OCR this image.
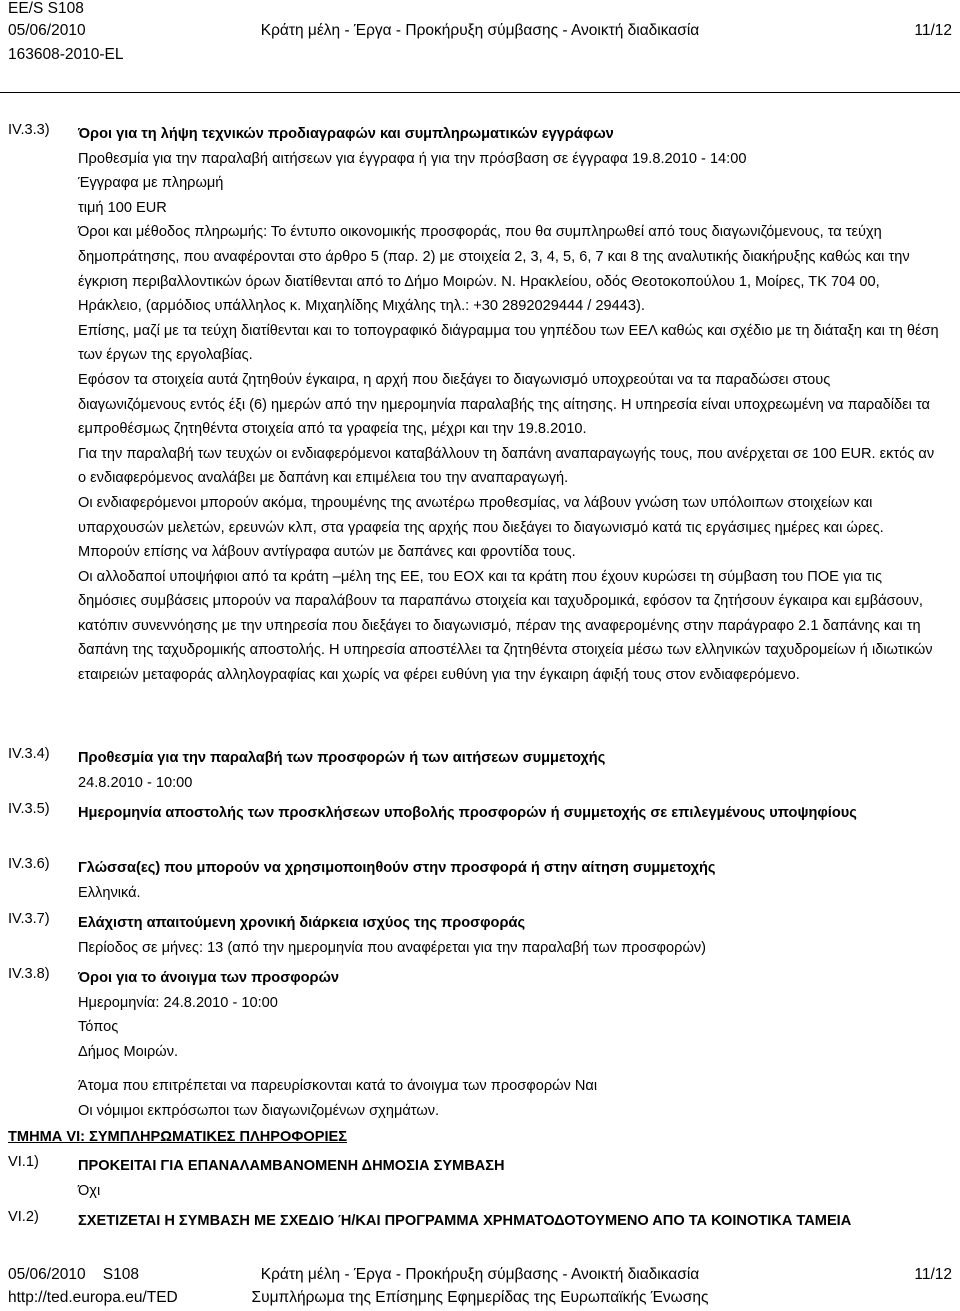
EE/S S108
05/06/2010	Κράτη μέλη - Έργα - Προκήρυξη σύμβασης - Ανοικτή διαδικασία	11/12
163608-2010-EL
IV.3.3) Όροι για τη λήψη τεχνικών προδιαγραφών και συμπληρωματικών εγγράφων
Προθεσμία για την παραλαβή αιτήσεων για έγγραφα ή για την πρόσβαση σε έγγραφα 19.8.2010 - 14:00
Έγγραφα με πληρωμή
τιμή 100 EUR

Όροι και μέθοδος πληρωμής: Το έντυπο οικονομικής προσφοράς, που θα συμπληρωθεί από τους διαγωνιζόμενους, τα τεύχη δημοπράτησης, που αναφέρονται στο άρθρο 5 (παρ. 2) με στοιχεία 2, 3, 4, 5, 6, 7 και 8 της αναλυτικής διακήρυξης καθώς και την έγκριση περιβαλλοντικών όρων διατίθενται από το Δήμο Μοιρών. Ν. Ηρακλείου, οδός Θεοτοκοπούλου 1, Μοίρες, ΤΚ 704 00, Ηράκλειο, (αρμόδιος υπάλληλος κ. Μιχαηλίδης Μιχάλης τηλ.: +30 2892029444 / 29443).

Επίσης, μαζί με τα τεύχη διατίθενται και το τοπογραφικό διάγραμμα του γηπέδου των ΕΕΛ καθώς και σχέδιο με τη διάταξη και τη θέση των έργων της εργολαβίας.

Εφόσον τα στοιχεία αυτά ζητηθούν έγκαιρα, η αρχή που διεξάγει το διαγωνισμό υποχρεούται να τα παραδώσει στους διαγωνιζόμενους εντός έξι (6) ημερών από την ημερομηνία παραλαβής της αίτησης. Η υπηρεσία είναι υποχρεωμένη να παραδίδει τα εμπροθέσμως ζητηθέντα στοιχεία από τα γραφεία της, μέχρι και την 19.8.2010.

Για την παραλαβή των τευχών οι ενδιαφερόμενοι καταβάλλουν τη δαπάνη αναπαραγωγής τους, που ανέρχεται σε 100 EUR. εκτός αν ο ενδιαφερόμενος αναλάβει με δαπάνη και επιμέλεια του την αναπαραγωγή.

Οι ενδιαφερόμενοι μπορούν ακόμα, τηρουμένης της ανωτέρω προθεσμίας, να λάβουν γνώση των υπόλοιπων στοιχείων και υπαρχουσών μελετών, ερευνών κλπ, στα γραφεία της αρχής που διεξάγει το διαγωνισμό κατά τις εργάσιμες ημέρες και ώρες. Μπορούν επίσης να λάβουν αντίγραφα αυτών με δαπάνες και φροντίδα τους.

Οι αλλοδαποί υποψήφιοι από τα κράτη –μέλη της ΕΕ, του ΕΟΧ και τα κράτη που έχουν κυρώσει τη σύμβαση του ΠΟΕ για τις δημόσιες συμβάσεις μπορούν να παραλάβουν τα παραπάνω στοιχεία και ταχυδρομικά, εφόσον τα ζητήσουν έγκαιρα και εμβάσουν, κατόπιν συνεννόησης με την υπηρεσία που διεξάγει το διαγωνισμό, πέραν της αναφερομένης στην παράγραφο 2.1 δαπάνης και τη δαπάνη της ταχυδρομικής αποστολής. Η υπηρεσία αποστέλλει τα ζητηθέντα στοιχεία μέσω των ελληνικών ταχυδρομείων ή ιδιωτικών εταιρειών μεταφοράς αλληλογραφίας και χωρίς να φέρει ευθύνη για την έγκαιρη άφιξή τους στον ενδιαφερόμενο.

IV.3.4) Προθεσμία για την παραλαβή των προσφορών ή των αιτήσεων συμμετοχής
24.8.2010 - 10:00
IV.3.5) Ημερομηνία αποστολής των προσκλήσεων υποβολής προσφορών ή συμμετοχής σε επιλεγμένους υποψηφίους
IV.3.6) Γλώσσα(ες) που μπορούν να χρησιμοποιηθούν στην προσφορά ή στην αίτηση συμμετοχής
Ελληνικά.
IV.3.7) Ελάχιστη απαιτούμενη χρονική διάρκεια ισχύος της προσφοράς
Περίοδος σε μήνες: 13 (από την ημερομηνία που αναφέρεται για την παραλαβή των προσφορών)
IV.3.8) Όροι για το άνοιγμα των προσφορών
Ημερομηνία: 24.8.2010 - 10:00
Τόπος
Δήμος Μοιρών.
Άτομα που επιτρέπεται να παρευρίσκονται κατά το άνοιγμα των προσφορών Ναι
Οι νόμιμοι εκπρόσωποι των διαγωνιζομένων σχημάτων.
ΤΜΗΜΑ VI: ΣΥΜΠΛΗΡΩΜΑΤΙΚΕΣ ΠΛΗΡΟΦΟΡΙΕΣ
VI.1)	ΠΡΟΚΕΙΤΑΙ ΓΙΑ ΕΠΑΝΑΛΑΜΒΑΝΟΜΕΝΗ ΔΗΜΟΣΙΑ ΣΥΜΒΑΣΗ
Όχι
VI.2)	ΣΧΕΤΙΖΕΤΑΙ Η ΣΥΜΒΑΣΗ ΜΕ ΣΧΕΔΙΟ Ή/ΚΑΙ ΠΡΟΓΡΑΜΜΑ ΧΡΗΜΑΤΟΔΟΤΟΥΜΕΝΟ ΑΠΟ ΤΑ ΚΟΙΝΟΤΙΚΑ ΤΑΜΕΙΑ
05/06/2010    S108	Κράτη μέλη - Έργα - Προκήρυξη σύμβασης - Ανοικτή διαδικασία	11/12
http://ted.europa.eu/TED	Συμπλήρωμα της Επίσημης Εφημερίδας της Ευρωπαϊκής Ένωσης
